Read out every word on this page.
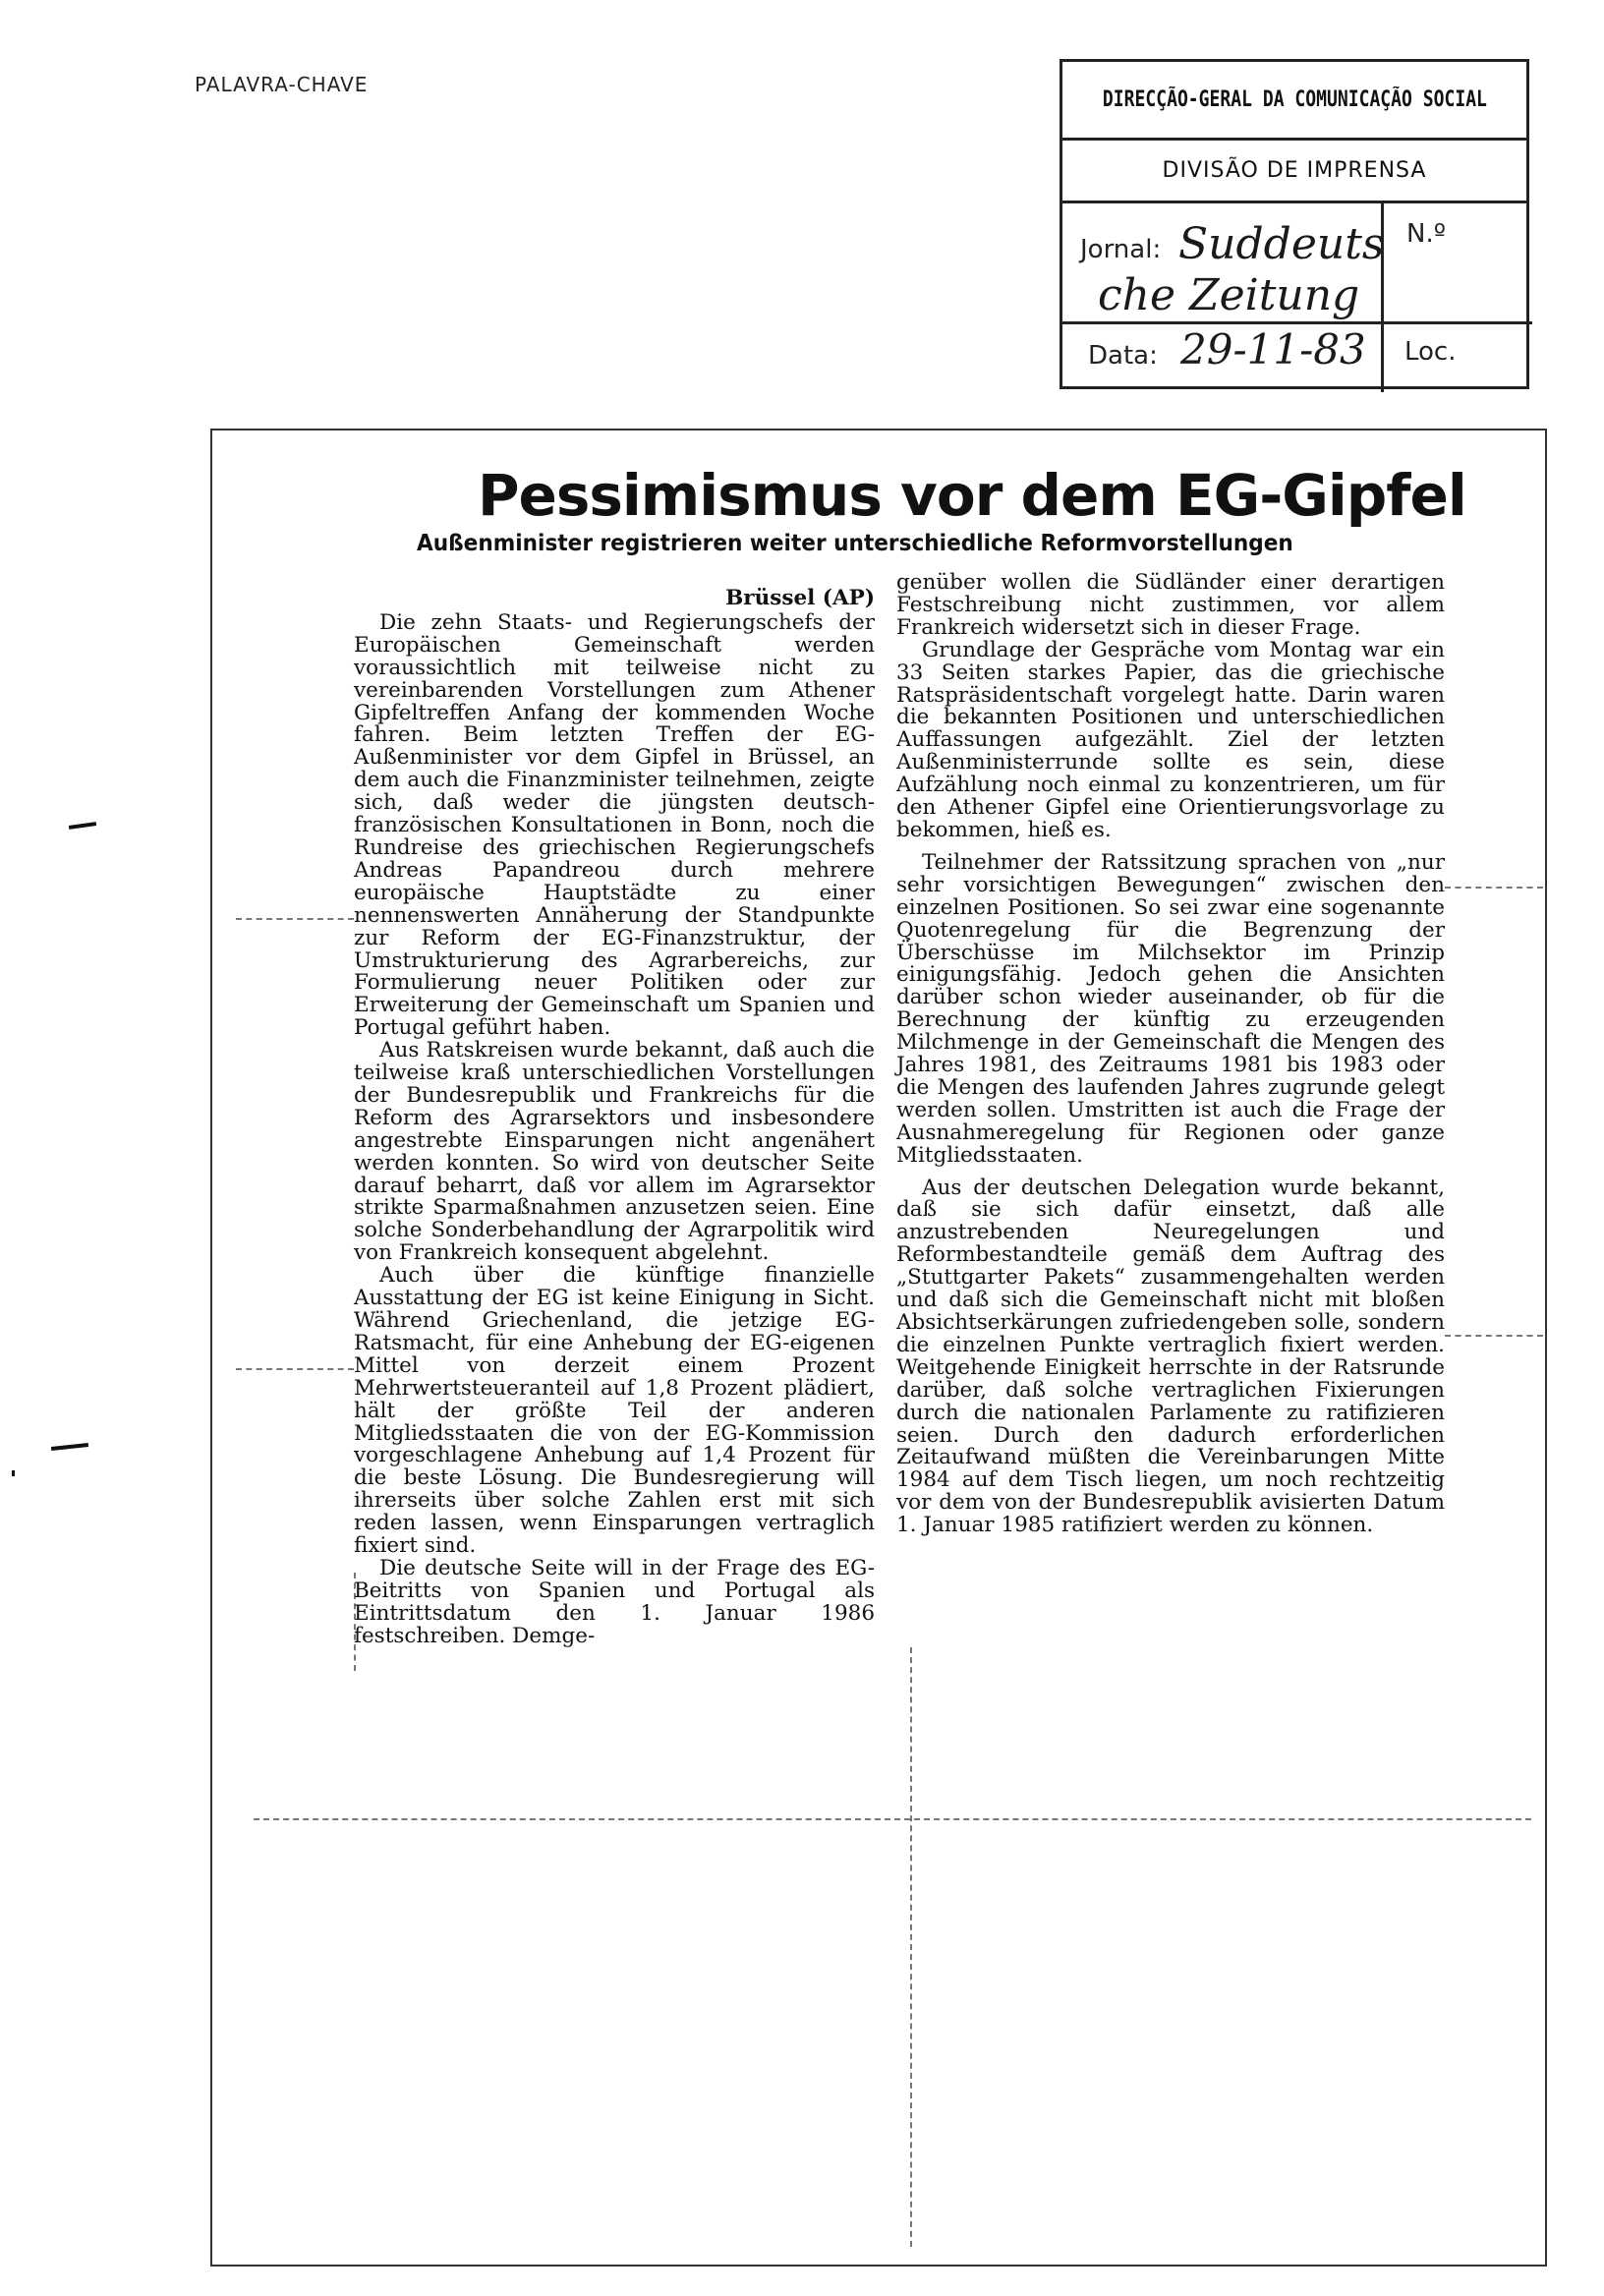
PALAVRA-CHAVE
DIRECÇÃO-GERAL DA COMUNICAÇÃO SOCIAL
DIVISÃO DE IMPRENSA
Jornal: Suddeuts
che Zeitung
N.º
Data: 29-11-83 Loc.
Pessimismus vor dem EG-Gipfel
Außenminister registrieren weiter unterschiedliche Reformvorstellungen
Brüssel (AP)

Die zehn Staats- und Regierungschefs der Europäischen Gemeinschaft werden voraussichtlich mit teilweise nicht zu vereinbarenden Vorstellungen zum Athener Gipfeltreffen Anfang der kommenden Woche fahren. Beim letzten Treffen der EG-Außenminister vor dem Gipfel in Brüssel, an dem auch die Finanzminister teilnehmen, zeigte sich, daß weder die jüngsten deutsch-französischen Konsultationen in Bonn, noch die Rundreise des griechischen Regierungschefs Andreas Papandreou durch mehrere europäische Hauptstädte zu einer nennenswerten Annäherung der Standpunkte zur Reform der EG-Finanzstruktur, der Umstrukturierung des Agrarbereichs, zur Formulierung neuer Politiken oder zur Erweiterung der Gemeinschaft um Spanien und Portugal geführt haben.

Aus Ratskreisen wurde bekannt, daß auch die teilweise kraß unterschiedlichen Vorstellungen der Bundesrepublik und Frankreichs für die Reform des Agrarsektors und insbesondere angestrebte Einsparungen nicht angenähert werden konnten. So wird von deutscher Seite darauf beharrt, daß vor allem im Agrarsektor strikte Sparmaßnahmen anzusetzen seien. Eine solche Sonderbehandlung der Agrarpolitik wird von Frankreich konsequent abgelehnt.

Auch über die künftige finanzielle Ausstattung der EG ist keine Einigung in Sicht. Während Griechenland, die jetzige EG-Ratsmacht, für eine Anhebung der EG-eigenen Mittel von derzeit einem Prozent Mehrwertsteueranteil auf 1,8 Prozent plädiert, hält der größte Teil der anderen Mitgliedsstaaten die von der EG-Kommission vorgeschlagene Anhebung auf 1,4 Prozent für die beste Lösung. Die Bundesregierung will ihrerseits über solche Zahlen erst mit sich reden lassen, wenn Einsparungen vertraglich fixiert sind.

Die deutsche Seite will in der Frage des EG-Beitritts von Spanien und Portugal als Eintrittsdatum den 1. Januar 1986 festschreiben. Demge-

genüber wollen die Südländer einer derartigen Festschreibung nicht zustimmen, vor allem Frankreich widersetzt sich in dieser Frage.

Grundlage der Gespräche vom Montag war ein 33 Seiten starkes Papier, das die griechische Ratspräsidentschaft vorgelegt hatte. Darin waren die bekannten Positionen und unterschiedlichen Auffassungen aufgezählt. Ziel der letzten Außenministerrunde sollte es sein, diese Aufzählung noch einmal zu konzentrieren, um für den Athener Gipfel eine Orientierungsvorlage zu bekommen, hieß es.

Teilnehmer der Ratssitzung sprachen von „nur sehr vorsichtigen Bewegungen“ zwischen den einzelnen Positionen. So sei zwar eine sogenannte Quotenregelung für die Begrenzung der Überschüsse im Milchsektor im Prinzip einigungsfähig. Jedoch gehen die Ansichten darüber schon wieder auseinander, ob für die Berechnung der künftig zu erzeugenden Milchmenge in der Gemeinschaft die Mengen des Jahres 1981, des Zeitraums 1981 bis 1983 oder die Mengen des laufenden Jahres zugrunde gelegt werden sollen. Umstritten ist auch die Frage der Ausnahmeregelung für Regionen oder ganze Mitgliedsstaaten.

Aus der deutschen Delegation wurde bekannt, daß sie sich dafür einsetzt, daß alle anzustrebenden Neuregelungen und Reformbestandteile gemäß dem Auftrag des „Stuttgarter Pakets“ zusammengehalten werden und daß sich die Gemeinschaft nicht mit bloßen Absichtserkärungen zufriedengeben solle, sondern die einzelnen Punkte vertraglich fixiert werden. Weitgehende Einigkeit herrschte in der Ratsrunde darüber, daß solche vertraglichen Fixierungen durch die nationalen Parlamente zu ratifizieren seien. Durch den dadurch erforderlichen Zeitaufwand müßten die Vereinbarungen Mitte 1984 auf dem Tisch liegen, um noch rechtzeitig vor dem von der Bundesrepublik avisierten Datum 1. Januar 1985 ratifiziert werden zu können.
